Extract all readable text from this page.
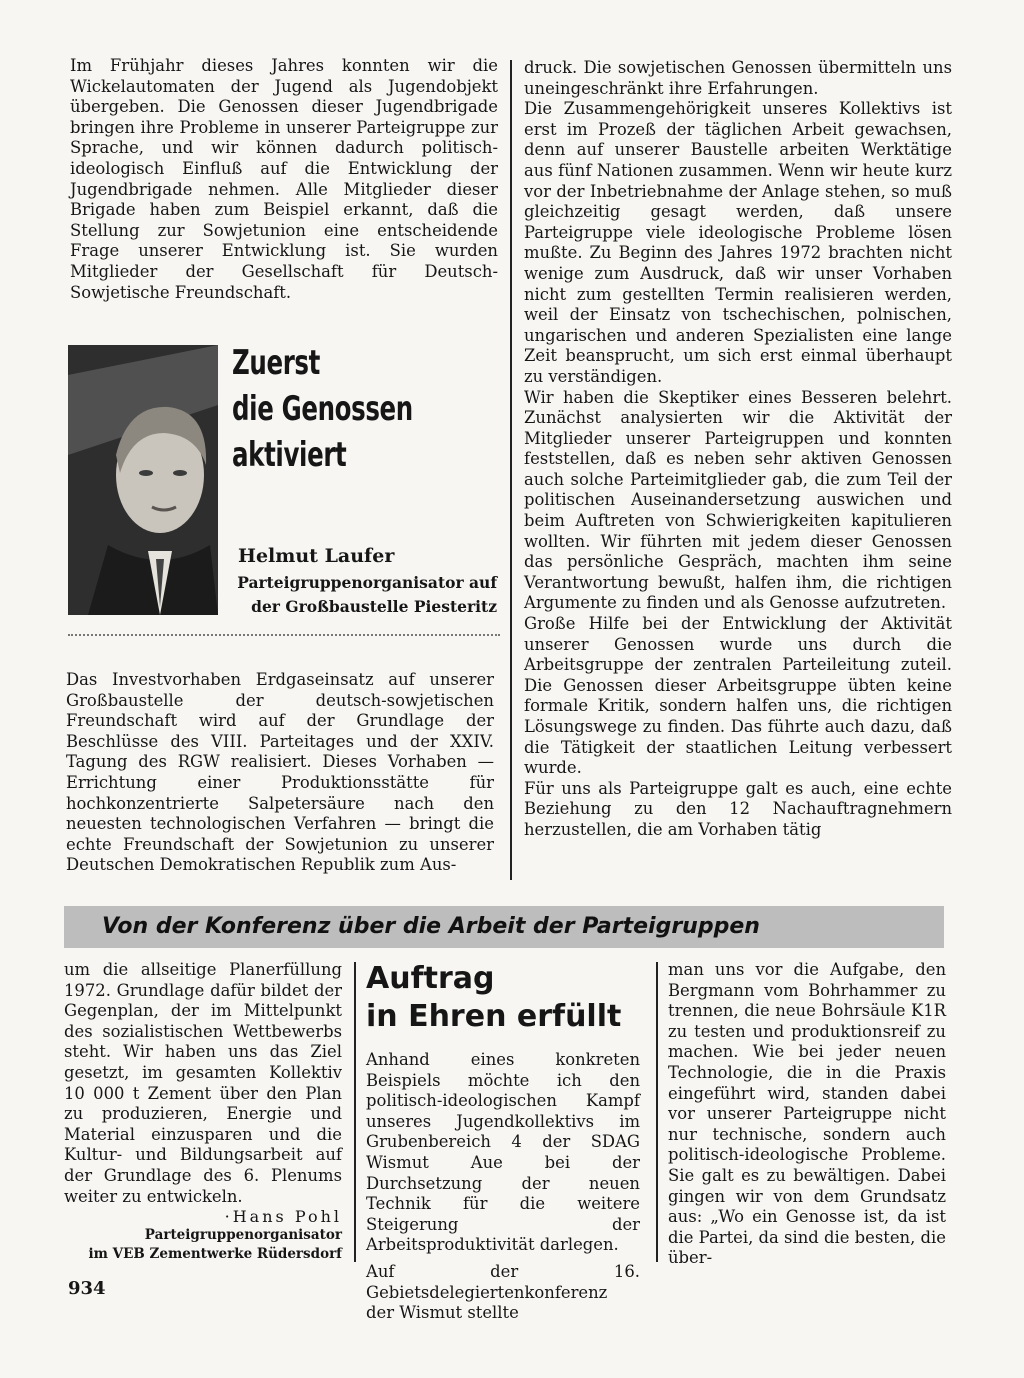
Im Frühjahr dieses Jahres konnten wir die Wickelautomaten der Jugend als Jugendobjekt übergeben. Die Genossen dieser Jugendbrigade bringen ihre Probleme in unserer Parteigruppe zur Sprache, und wir können dadurch politisch-ideologisch Einfluß auf die Entwicklung der Jugendbrigade nehmen. Alle Mitglieder dieser Brigade haben zum Beispiel erkannt, daß die Stellung zur Sowjetunion eine entscheidende Frage unserer Entwicklung ist. Sie wurden Mitglieder der Gesellschaft für Deutsch-Sowjetische Freundschaft.

Zuerst
die Genossen
aktiviert
Helmut Laufer
Parteigruppenorganisator auf der Großbaustelle Piesteritz

Das Investvorhaben Erdgaseinsatz auf unserer Großbaustelle der deutsch-sowjetischen Freundschaft wird auf der Grundlage der Beschlüsse des VIII. Parteitages und der XXIV. Tagung des RGW realisiert. Dieses Vorhaben — Errichtung einer Produktionsstätte für hochkonzentrierte Salpetersäure nach den neuesten technologischen Verfahren — bringt die echte Freundschaft der Sowjetunion zu unserer Deutschen Demokratischen Republik zum Aus-

druck. Die sowjetischen Genossen übermitteln uns uneingeschränkt ihre Erfahrungen.

Die Zusammengehörigkeit unseres Kollektivs ist erst im Prozeß der täglichen Arbeit gewachsen, denn auf unserer Baustelle arbeiten Werktätige aus fünf Nationen zusammen. Wenn wir heute kurz vor der Inbetriebnahme der Anlage stehen, so muß gleichzeitig gesagt werden, daß unsere Parteigruppe viele ideologische Probleme lösen mußte. Zu Beginn des Jahres 1972 brachten nicht wenige zum Ausdruck, daß wir unser Vorhaben nicht zum gestellten Termin realisieren werden, weil der Einsatz von tschechischen, polnischen, ungarischen und anderen Spezialisten eine lange Zeit beansprucht, um sich erst einmal überhaupt zu verständigen.

Wir haben die Skeptiker eines Besseren belehrt. Zunächst analysierten wir die Aktivität der Mitglieder unserer Parteigruppen und konnten feststellen, daß es neben sehr aktiven Genossen auch solche Parteimitglieder gab, die zum Teil der politischen Auseinandersetzung auswichen und beim Auftreten von Schwierigkeiten kapitulieren wollten. Wir führten mit jedem dieser Genossen das persönliche Gespräch, machten ihm seine Verantwortung bewußt, halfen ihm, die richtigen Argumente zu finden und als Genosse aufzutreten.

Große Hilfe bei der Entwicklung der Aktivität unserer Genossen wurde uns durch die Arbeitsgruppe der zentralen Parteileitung zuteil. Die Genossen dieser Arbeitsgruppe übten keine formale Kritik, sondern halfen uns, die richtigen Lösungswege zu finden. Das führte auch dazu, daß die Tätigkeit der staatlichen Leitung verbessert wurde.

Für uns als Parteigruppe galt es auch, eine echte Beziehung zu den 12 Nachauftragnehmern herzustellen, die am Vorhaben tätig

Von der Konferenz über die Arbeit der Parteigruppen

um die allseitige Planerfüllung 1972. Grundlage dafür bildet der Gegenplan, der im Mittelpunkt des sozialistischen Wettbewerbs steht. Wir haben uns das Ziel gesetzt, im gesamten Kollektiv 10 000 t Zement über den Plan zu produzieren, Energie und Material einzusparen und die Kultur- und Bildungsarbeit auf der Grundlage des 6. Plenums weiter zu entwickeln.

·Hans Pohl
Parteigruppenorganisator
im VEB Zementwerke Rüdersdorf
Auftrag
in Ehren erfüllt

Anhand eines konkreten Beispiels möchte ich den politisch-ideologischen Kampf unseres Jugendkollektivs im Grubenbereich 4 der SDAG Wismut Aue bei der Durchsetzung der neuen Technik für die weitere Steigerung der Arbeitsproduktivität darlegen.

Auf der 16. Gebietsdelegiertenkonferenz der Wismut stellte

man uns vor die Aufgabe, den Bergmann vom Bohrhammer zu trennen, die neue Bohrsäule K1R zu testen und produktionsreif zu machen. Wie bei jeder neuen Technologie, die in die Praxis eingeführt wird, standen dabei vor unserer Parteigruppe nicht nur technische, sondern auch politisch-ideologische Probleme. Sie galt es zu bewältigen. Dabei gingen wir von dem Grundsatz aus: „Wo ein Genosse ist, da ist die Partei, da sind die besten, die über-

934
